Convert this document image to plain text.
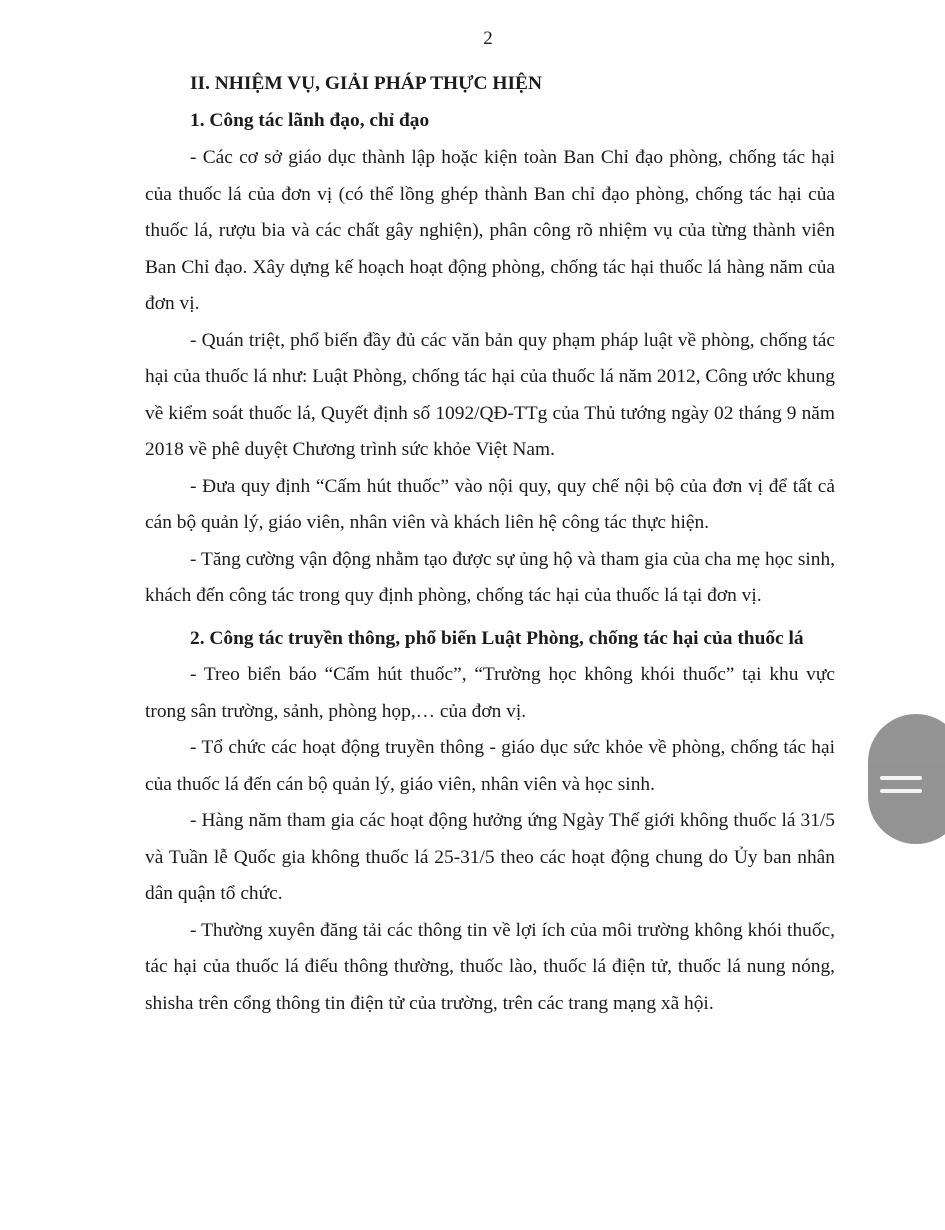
2
II. NHIỆM VỤ, GIẢI PHÁP THỰC HIỆN
1. Công tác lãnh đạo, chỉ đạo

- Các cơ sở giáo dục thành lập hoặc kiện toàn Ban Chỉ đạo phòng, chống tác hại của thuốc lá của đơn vị (có thể lồng ghép thành Ban chỉ đạo phòng, chống tác hại của thuốc lá, rượu bia và các chất gây nghiện), phân công rõ nhiệm vụ của từng thành viên Ban Chỉ đạo. Xây dựng kế hoạch hoạt động phòng, chống tác hại thuốc lá hàng năm của đơn vị.

- Quán triệt, phổ biến đầy đủ các văn bản quy phạm pháp luật về phòng, chống tác hại của thuốc lá như: Luật Phòng, chống tác hại của thuốc lá năm 2012, Công ước khung về kiểm soát thuốc lá, Quyết định số 1092/QĐ-TTg của Thủ tướng ngày 02 tháng 9 năm 2018 về phê duyệt Chương trình sức khỏe Việt Nam.

- Đưa quy định “Cấm hút thuốc” vào nội quy, quy chế nội bộ của đơn vị để tất cả cán bộ quản lý, giáo viên, nhân viên và khách liên hệ công tác thực hiện.

- Tăng cường vận động nhằm tạo được sự ủng hộ và tham gia của cha mẹ học sinh, khách đến công tác trong quy định phòng, chống tác hại của thuốc lá tại đơn vị.

2. Công tác truyền thông, phổ biến Luật Phòng, chống tác hại của thuốc lá

- Treo biển báo “Cấm hút thuốc”, “Trường học không khói thuốc” tại khu vực trong sân trường, sảnh, phòng họp,… của đơn vị.

- Tổ chức các hoạt động truyền thông - giáo dục sức khỏe về phòng, chống tác hại của thuốc lá đến cán bộ quản lý, giáo viên, nhân viên và học sinh.

- Hàng năm tham gia các hoạt động hưởng ứng Ngày Thế giới không thuốc lá 31/5 và Tuần lễ Quốc gia không thuốc lá 25-31/5 theo các hoạt động chung do Ủy ban nhân dân quận tổ chức.

- Thường xuyên đăng tải các thông tin về lợi ích của môi trường không khói thuốc, tác hại của thuốc lá điếu thông thường, thuốc lào, thuốc lá điện tử, thuốc lá nung nóng, shisha trên cổng thông tin điện tử của trường, trên các trang mạng xã hội.
